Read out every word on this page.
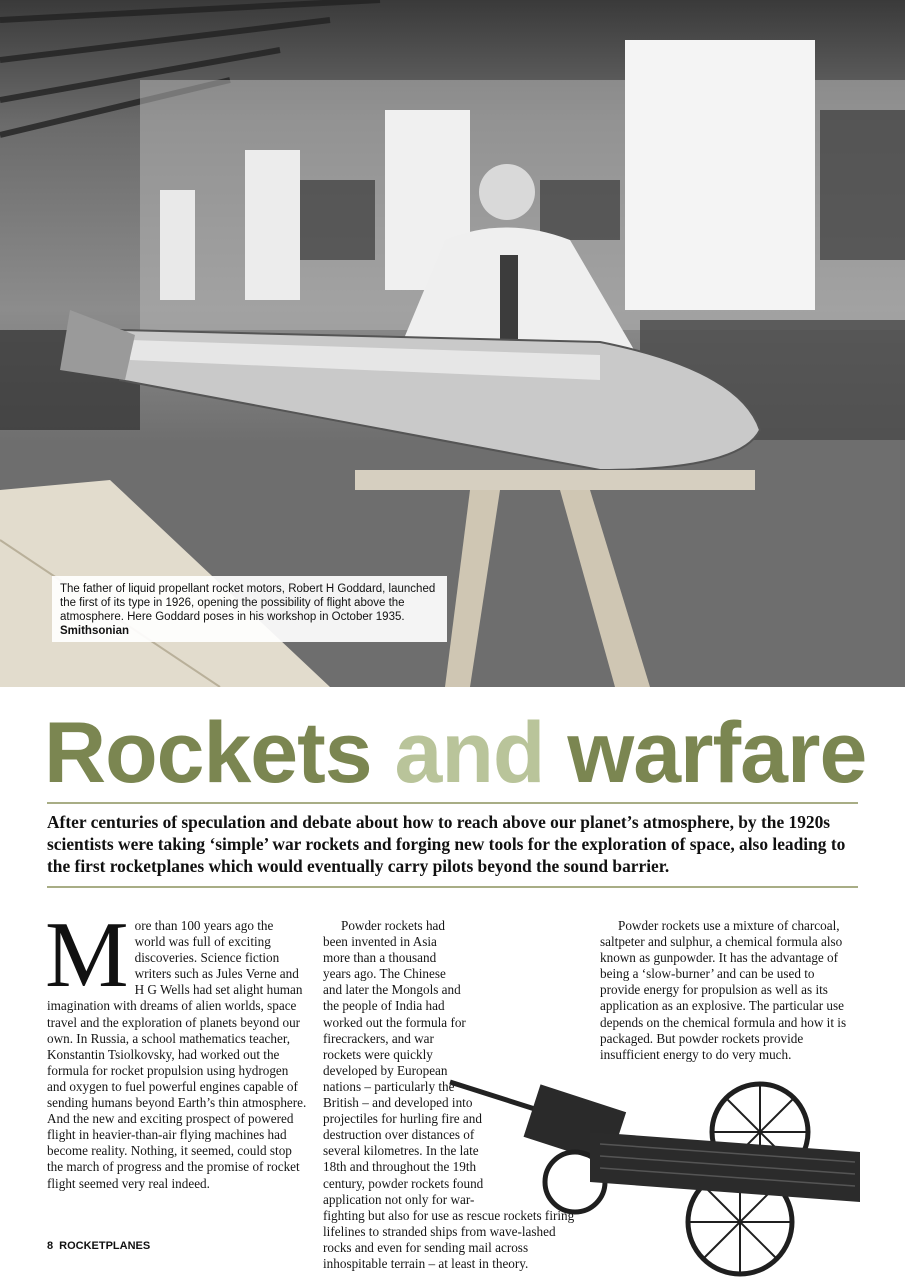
The father of liquid propellant rocket motors, Robert H Goddard, launched the first of its type in 1926, opening the possibility of flight above the atmosphere. Here Goddard poses in his workshop in October 1935. Smithsonian
Rockets and warfare
After centuries of speculation and debate about how to reach above our planet’s atmosphere, by the 1920s scientists were taking ‘simple’ war rockets and forging new tools for the exploration of space, also leading to the first rocketplanes which would eventually carry pilots beyond the sound barrier.
M ore than 100 years ago the world was full of exciting discoveries. Science fiction writers such as Jules Verne and H G Wells had set alight human imagination with dreams of alien worlds, space travel and the exploration of planets beyond our own. In Russia, a school mathematics teacher, Konstantin Tsiolkovsky, had worked out the formula for rocket propulsion using hydrogen and oxygen to fuel powerful engines capable of sending humans beyond Earth’s thin atmosphere. And the new and exciting prospect of powered flight in heavier-than-air flying machines had become reality. Nothing, it seemed, could stop the march of progress and the promise of rocket flight seemed very real indeed.

Powder rockets had been invented in Asia more than a thousand years ago. The Chinese and later the Mongols and the people of India had worked out the formula for firecrackers, and war rockets were quickly developed by European nations – particularly the British – and developed into projectiles for hurling fire and destruction over distances of several kilometres. In the late 18th and throughout the 19th century, powder rockets found application not only for war-fighting but also for use as rescue rockets firing lifelines to stranded ships from wave-lashed rocks and even for sending mail across inhospitable terrain – at least in theory.

Powder rockets use a mixture of charcoal, saltpeter and sulphur, a chemical formula also known as gunpowder. It has the advantage of being a ‘slow-burner’ and can be used to provide energy for propulsion as well as its application as an explosive. The particular use depends on the chemical formula and how it is packaged. But powder rockets provide insufficient energy to do very much.

8 ROCKETPLANES
